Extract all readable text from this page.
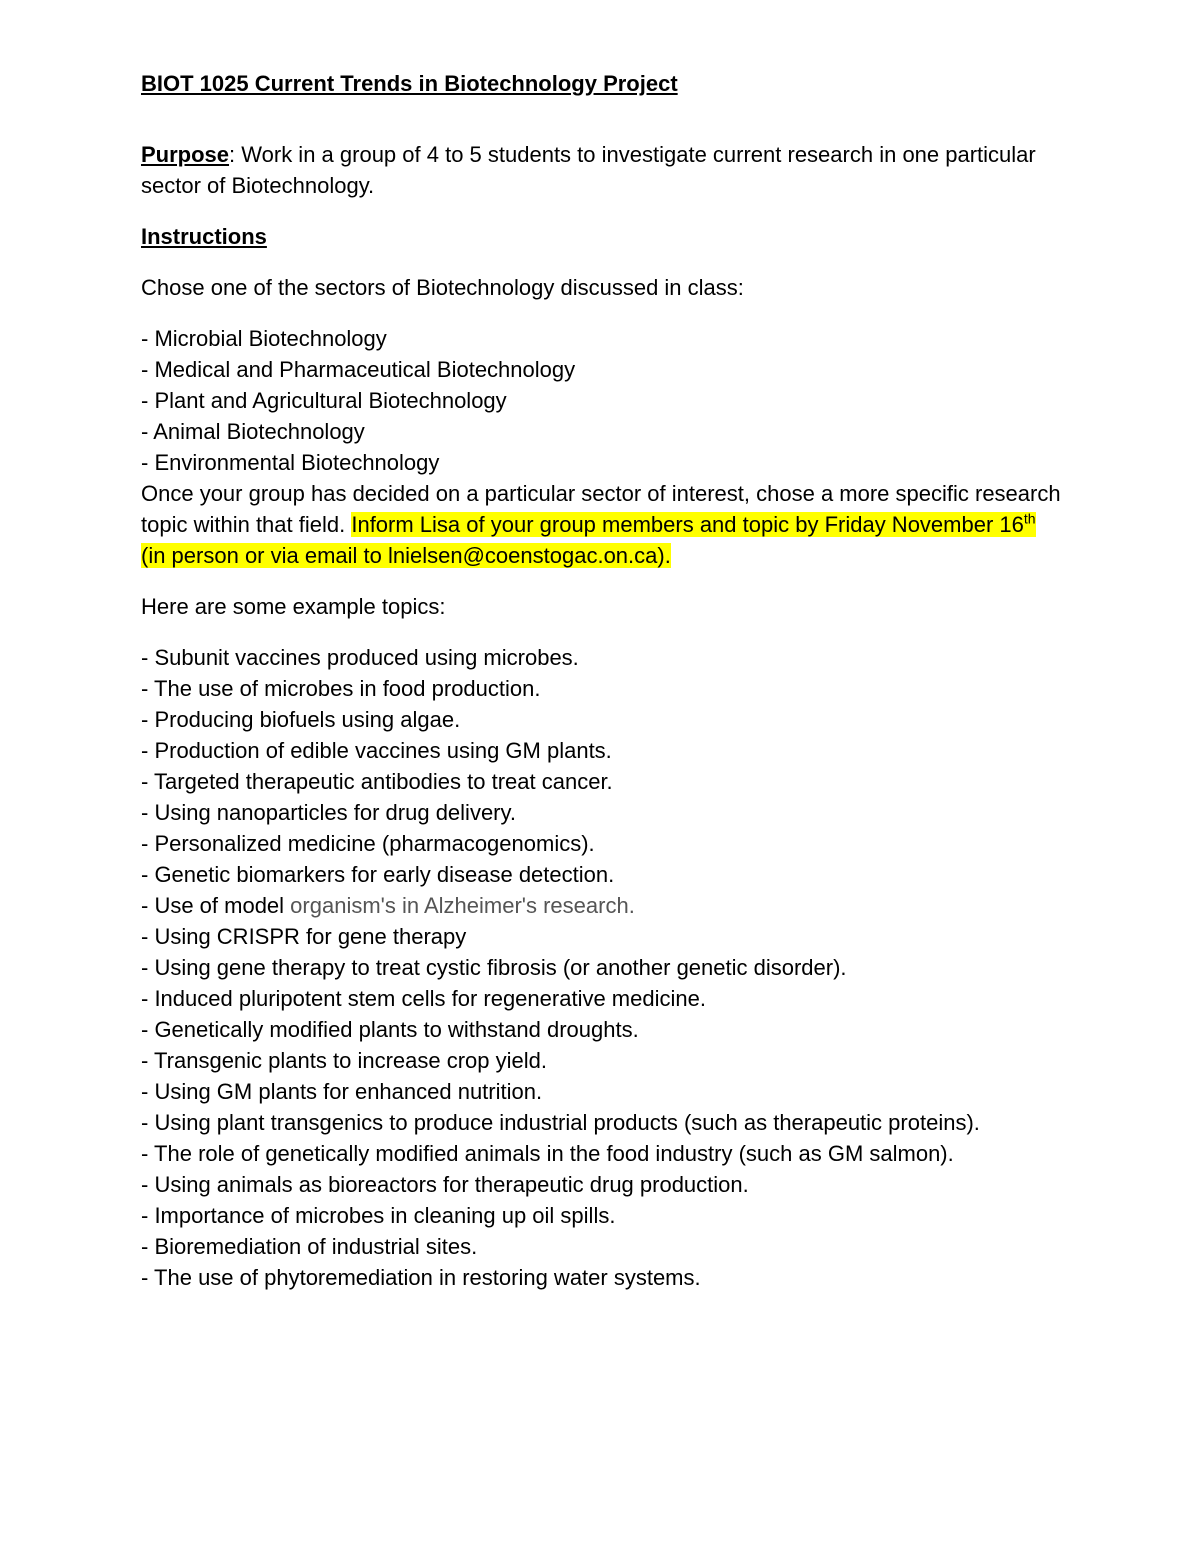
BIOT 1025 Current Trends in Biotechnology Project

Purpose: Work in a group of 4 to 5 students to investigate current research in one particular sector of Biotechnology.

Instructions

Chose one of the sectors of Biotechnology discussed in class:

- Microbial Biotechnology
- Medical and Pharmaceutical Biotechnology
- Plant and Agricultural Biotechnology
- Animal Biotechnology
- Environmental Biotechnology

Once your group has decided on a particular sector of interest, chose a more specific research topic within that field. Inform Lisa of your group members and topic by Friday November 16th (in person or via email to lnielsen@coenstogac.on.ca).

Here are some example topics:

- Subunit vaccines produced using microbes.
- The use of microbes in food production.
- Producing biofuels using algae.
- Production of edible vaccines using GM plants.
- Targeted therapeutic antibodies to treat cancer.
- Using nanoparticles for drug delivery.
- Personalized medicine (pharmacogenomics).
- Genetic biomarkers for early disease detection.
- Use of model organism's in Alzheimer's research.
- Using CRISPR for gene therapy
- Using gene therapy to treat cystic fibrosis (or another genetic disorder).
- Induced pluripotent stem cells for regenerative medicine.
- Genetically modified plants to withstand droughts.
- Transgenic plants to increase crop yield.
- Using GM plants for enhanced nutrition.
- Using plant transgenics to produce industrial products (such as therapeutic proteins).
- The role of genetically modified animals in the food industry (such as GM salmon).
- Using animals as bioreactors for therapeutic drug production.
- Importance of microbes in cleaning up oil spills.
- Bioremediation of industrial sites.
- The use of phytoremediation in restoring water systems.
